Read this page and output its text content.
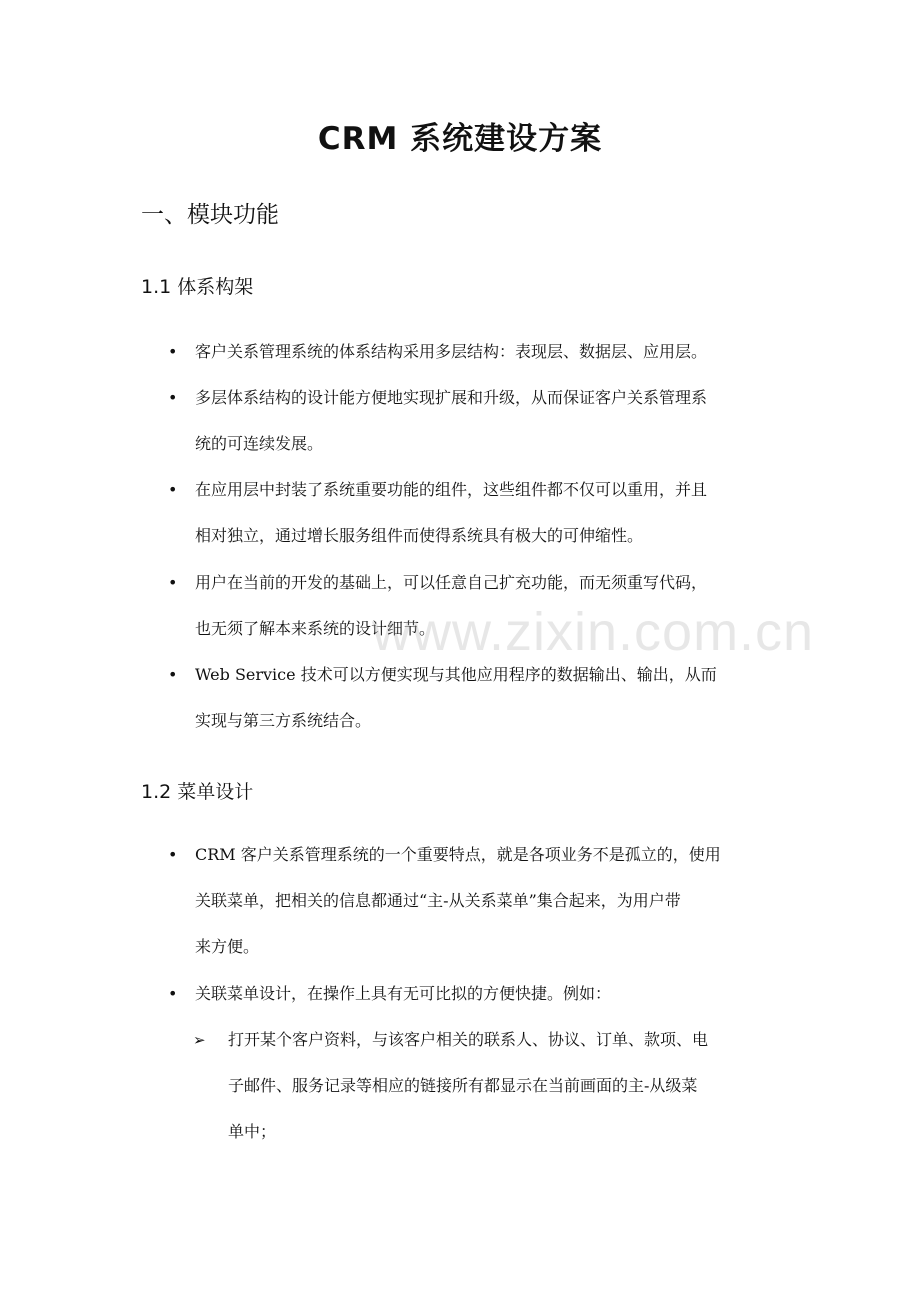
CRM 系统建设方案
一、模块功能
1.1 体系构架
• 客户关系管理系统的体系结构采用多层结构：表现层、数据层、应用层。
• 多层体系结构的设计能方便地实现扩展和升级，从而保证客户关系管理系
统的可连续发展。
• 在应用层中封装了系统重要功能的组件，这些组件都不仅可以重用，并且
相对独立，通过增长服务组件而使得系统具有极大的可伸缩性。
• 用户在当前的开发的基础上，可以任意自己扩充功能，而无须重写代码，
也无须了解本来系统的设计细节。
• Web Service 技术可以方便实现与其他应用程序的数据输出、输出，从而
实现与第三方系统结合。
1.2 菜单设计
• CRM 客户关系管理系统的一个重要特点，就是各项业务不是孤立的，使用
关联菜单，把相关的信息都通过“主-从关系菜单”集合起来，为用户带
来方便。
• 关联菜单设计，在操作上具有无可比拟的方便快捷。例如：
➢ 打开某个客户资料，与该客户相关的联系人、协议、订单、款项、电
子邮件、服务记录等相应的链接所有都显示在当前画面的主-从级菜
单中；
www.zixin.com.cn
